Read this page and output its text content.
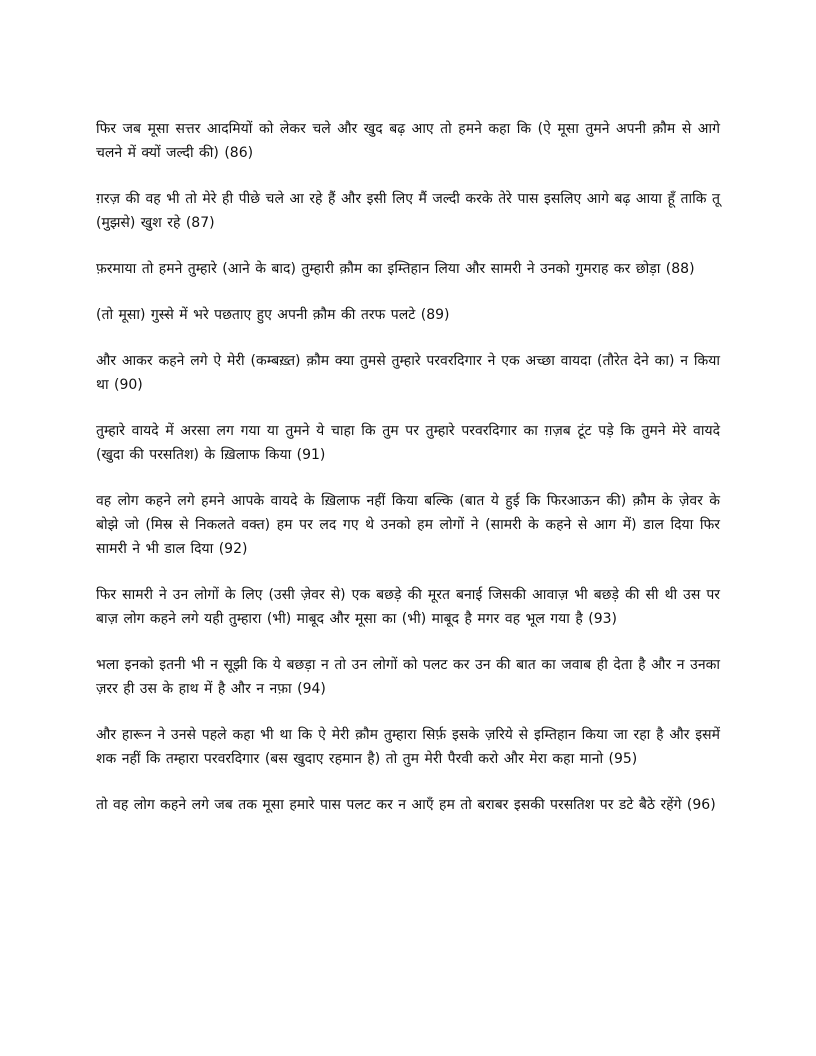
फिर जब मूसा सत्तर आदमियों को लेकर चले और खुद बढ़ आए तो हमने कहा कि (ऐ मूसा तुमने अपनी क़ौम से आगे चलने में क्यों जल्दी की) (86)

ग़रज़ की वह भी तो मेरे ही पीछे चले आ रहे हैं और इसी लिए मैं जल्दी करके तेरे पास इसलिए आगे बढ़ आया हूँ ताकि तू (मुझसे) खुश रहे (87)

फ़रमाया तो हमने तुम्हारे (आने के बाद) तुम्हारी क़ौम का इम्तिहान लिया और सामरी ने उनको गुमराह कर छोड़ा (88)

(तो मूसा) गुस्से में भरे पछताए हुए अपनी क़ौम की तरफ पलटे (89)

और आकर कहने लगे ऐ मेरी (कम्बख़्त) क़ौम क्या तुमसे तुम्हारे परवरदिगार ने एक अच्छा वायदा (तौरेत देने का) न किया था (90)

तुम्हारे वायदे में अरसा लग गया या तुमने ये चाहा कि तुम पर तुम्हारे परवरदिगार का ग़ज़ब टूंट पड़े कि तुमने मेरे वायदे (खुदा की परसतिश) के ख़िलाफ किया (91)

वह लोग कहने लगे हमने आपके वायदे के ख़िलाफ नहीं किया बल्कि (बात ये हुई कि फिरआऊन की) क़ौम के ज़ेवर के बोझे जो (मिस्र से निकलते वक्त) हम पर लद गए थे उनको हम लोगों ने (सामरी के कहने से आग में) डाल दिया फिर सामरी ने भी डाल दिया (92)

फिर सामरी ने उन लोगों के लिए (उसी ज़ेवर से) एक बछड़े की मूरत बनाई जिसकी आवाज़ भी बछड़े की सी थी उस पर बाज़ लोग कहने लगे यही तुम्हारा (भी) माबूद और मूसा का (भी) माबूद है मगर वह भूल गया है (93)

भला इनको इतनी भी न सूझी कि ये बछड़ा न तो उन लोगों को पलट कर उन की बात का जवाब ही देता है और न उनका ज़रर ही उस के हाथ में है और न नफ़ा (94)

और हारून ने उनसे पहले कहा भी था कि ऐ मेरी क़ौम तुम्हारा सिर्फ़ इसके ज़रिये से इम्तिहान किया जा रहा है और इसमें शक नहीं कि तम्हारा परवरदिगार (बस खुदाए रहमान है) तो तुम मेरी पैरवी करो और मेरा कहा मानो (95)

तो वह लोग कहने लगे जब तक मूसा हमारे पास पलट कर न आएँ हम तो बराबर इसकी परसतिश पर डटे बैठे रहेंगे (96)
